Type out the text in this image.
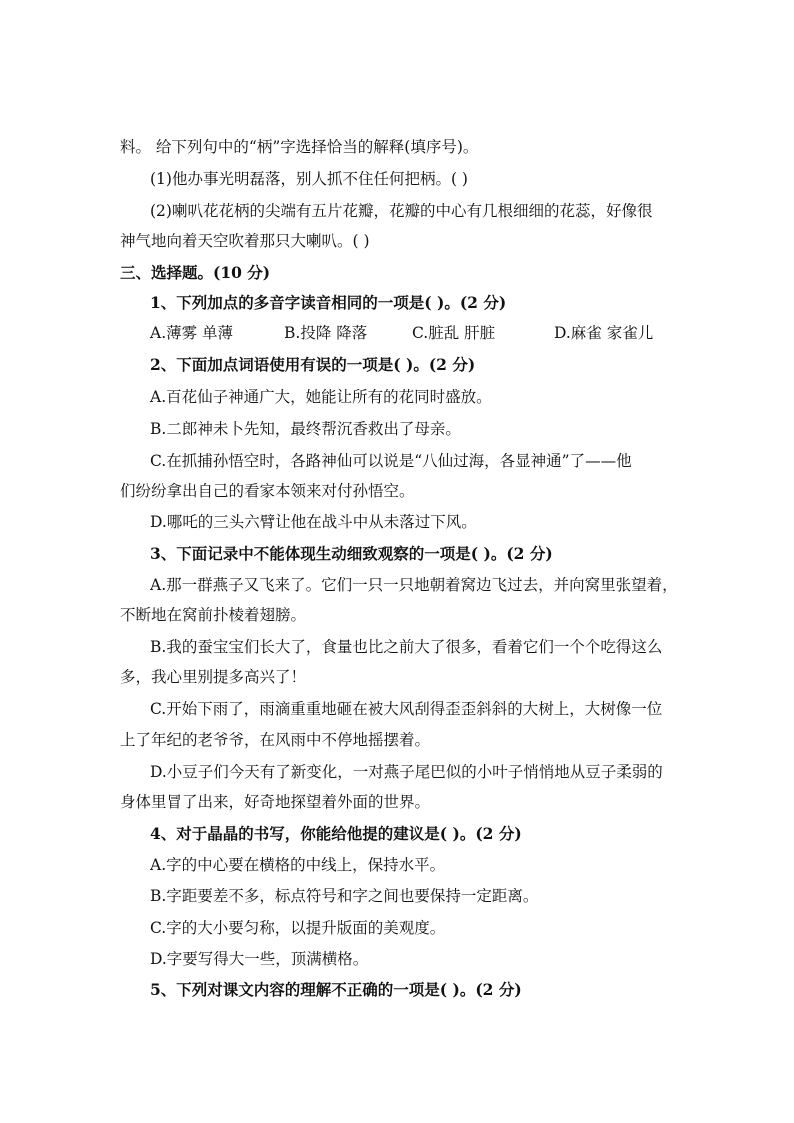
料。 给下列句中的“柄”字选择恰当的解释(填序号)。
(1)他办事光明磊落，别人抓不住任何把柄。( )
(2)喇叭花花柄的尖端有五片花瓣，花瓣的中心有几根细细的花蕊，好像很
神气地向着天空吹着那只大喇叭。( )
三、选择题。(10 分)
1、下列加点的多音字读音相同的一项是( )。(2 分)
A.薄雾 单薄	B.投降 降落	C.脏乱 肝脏	D.麻雀 家雀儿
2、下面加点词语使用有误的一项是( )。(2 分)
A.百花仙子神通广大，她能让所有的花同时盛放。
B.二郎神未卜先知，最终帮沉香救出了母亲。
C.在抓捕孙悟空时，各路神仙可以说是“八仙过海，各显神通”了——他
们纷纷拿出自己的看家本领来对付孙悟空。
D.哪吒的三头六臂让他在战斗中从未落过下风。
3、下面记录中不能体现生动细致观察的一项是( )。(2 分)
A.那一群燕子又飞来了。它们一只一只地朝着窝边飞过去，并向窝里张望着，
不断地在窝前扑棱着翅膀。
B.我的蚕宝宝们长大了，食量也比之前大了很多，看着它们一个个吃得这么
多，我心里别提多高兴了！
C.开始下雨了，雨滴重重地砸在被大风刮得歪歪斜斜的大树上，大树像一位
上了年纪的老爷爷，在风雨中不停地摇摆着。
D.小豆子们今天有了新变化，一对燕子尾巴似的小叶子悄悄地从豆子柔弱的
身体里冒了出来，好奇地探望着外面的世界。
4、对于晶晶的书写，你能给他提的建议是( )。(2 分)
A.字的中心要在横格的中线上，保持水平。
B.字距要差不多，标点符号和字之间也要保持一定距离。
C.字的大小要匀称，以提升版面的美观度。
D.字要写得大一些，顶满横格。
5、下列对课文内容的理解不正确的一项是( )。(2 分)
